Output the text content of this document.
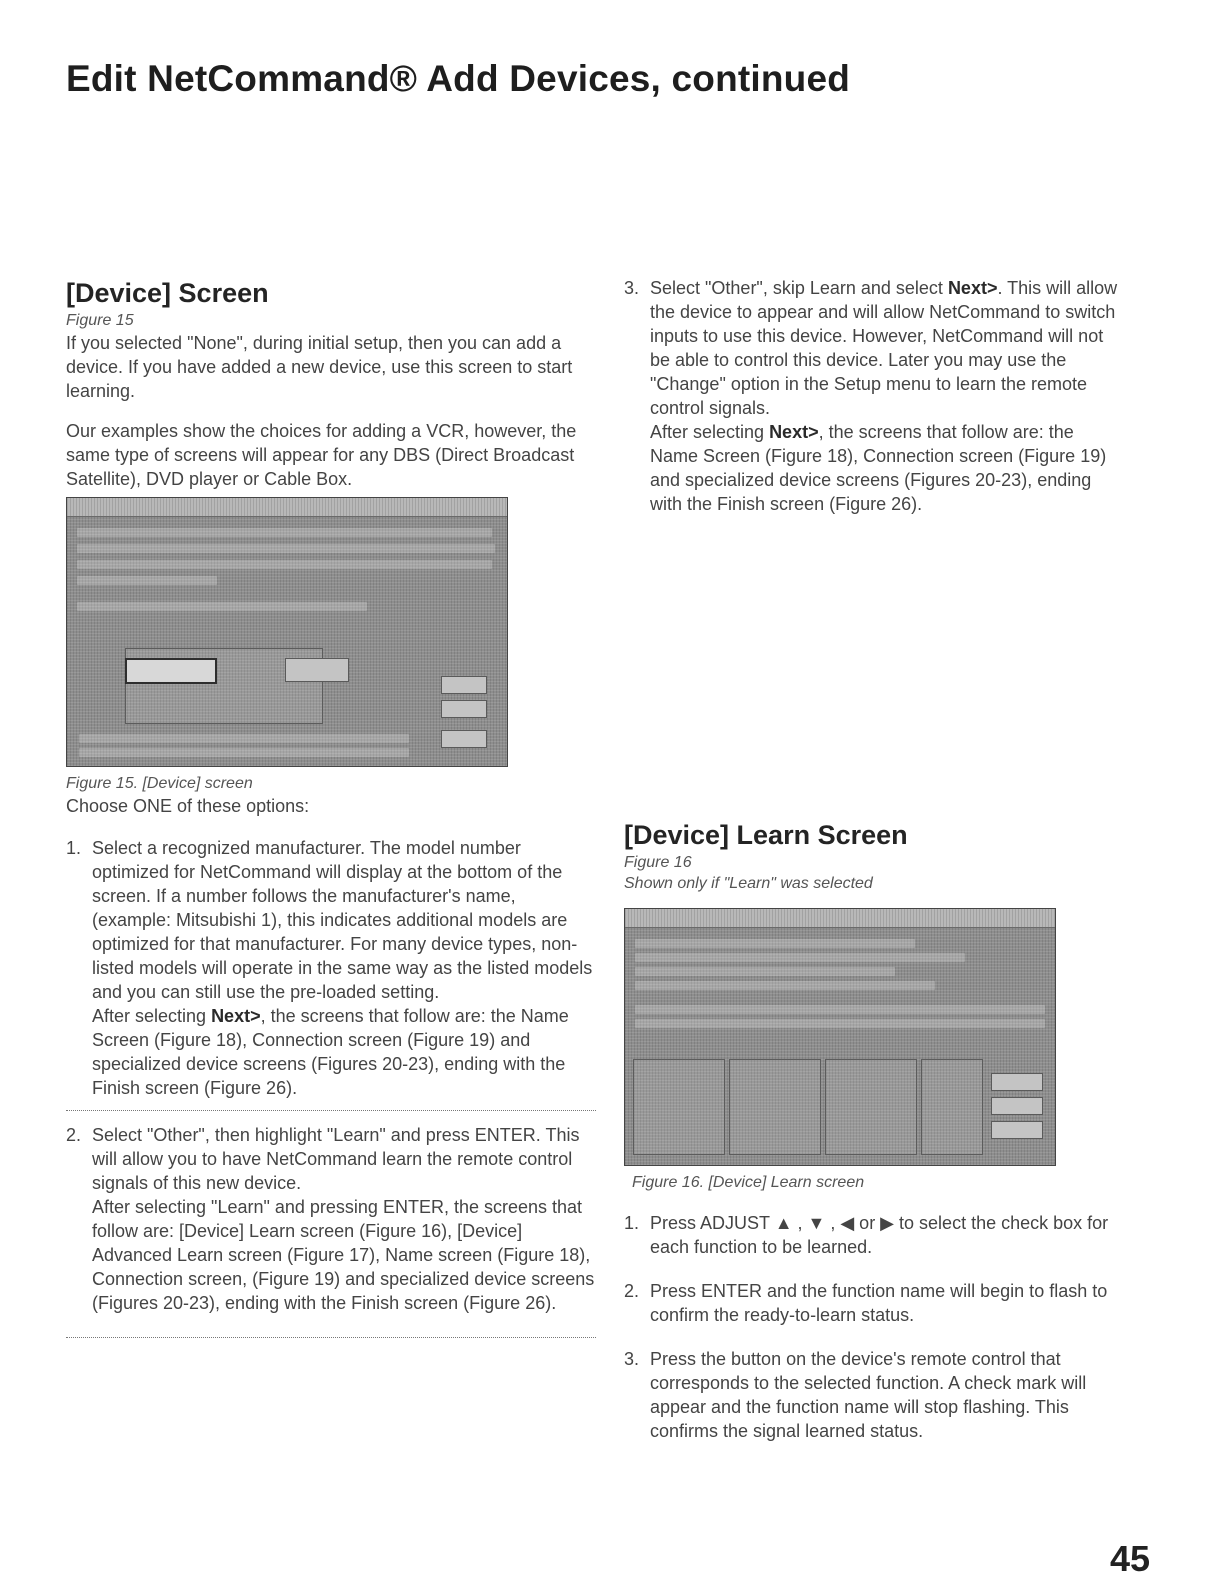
Edit NetCommand® Add Devices, continued
[Device] Screen
Figure 15

If you selected "None", during initial setup, then you can add a device. If you have added a new device, use this screen to start learning.

Our examples show the choices for adding a VCR, however, the same type of screens will appear for any DBS (Direct Broadcast Satellite), DVD player or Cable Box.

Figure 15. [Device] screen

Choose ONE of these options:

1. Select a recognized manufacturer. The model number optimized for NetCommand will display at the bottom of the screen. If a number follows the manufacturer's name, (example: Mitsubishi 1), this indicates additional models are optimized for that manufacturer. For many device types, non-listed models will operate in the same way as the listed models and you can still use the pre-loaded setting.

After selecting Next>, the screens that follow are: the Name Screen (Figure 18), Connection screen (Figure 19) and specialized device screens (Figures 20-23), ending with the Finish screen (Figure 26).

2. Select "Other", then highlight "Learn" and press ENTER. This will allow you to have NetCommand learn the remote control signals of this new device.

After selecting "Learn" and pressing ENTER, the screens that follow are: [Device] Learn screen (Figure 16), [Device] Advanced Learn screen (Figure 17), Name screen (Figure 18), Connection screen, (Figure 19) and specialized device screens (Figures 20-23), ending with the Finish screen (Figure 26).

3. Select "Other", skip Learn and select Next>. This will allow the device to appear and will allow NetCommand to switch inputs to use this device. However, NetCommand will not be able to control this device. Later you may use the "Change" option in the Setup menu to learn the remote control signals.

After selecting Next>, the screens that follow are: the Name Screen (Figure 18), Connection screen (Figure 19) and specialized device screens (Figures 20-23), ending with the Finish screen (Figure 26).

[Device] Learn Screen
Figure 16
Shown only if "Learn" was selected
Figure 16. [Device] Learn screen
1. Press ADJUST ▲ , ▼ , ◀ or ▶ to select the check box for each function to be learned.
2. Press ENTER and the function name will begin to flash to confirm the ready-to-learn status.
3. Press the button on the device's remote control that corresponds to the selected function. A check mark will appear and the function name will stop flashing. This confirms the signal learned status.
45
